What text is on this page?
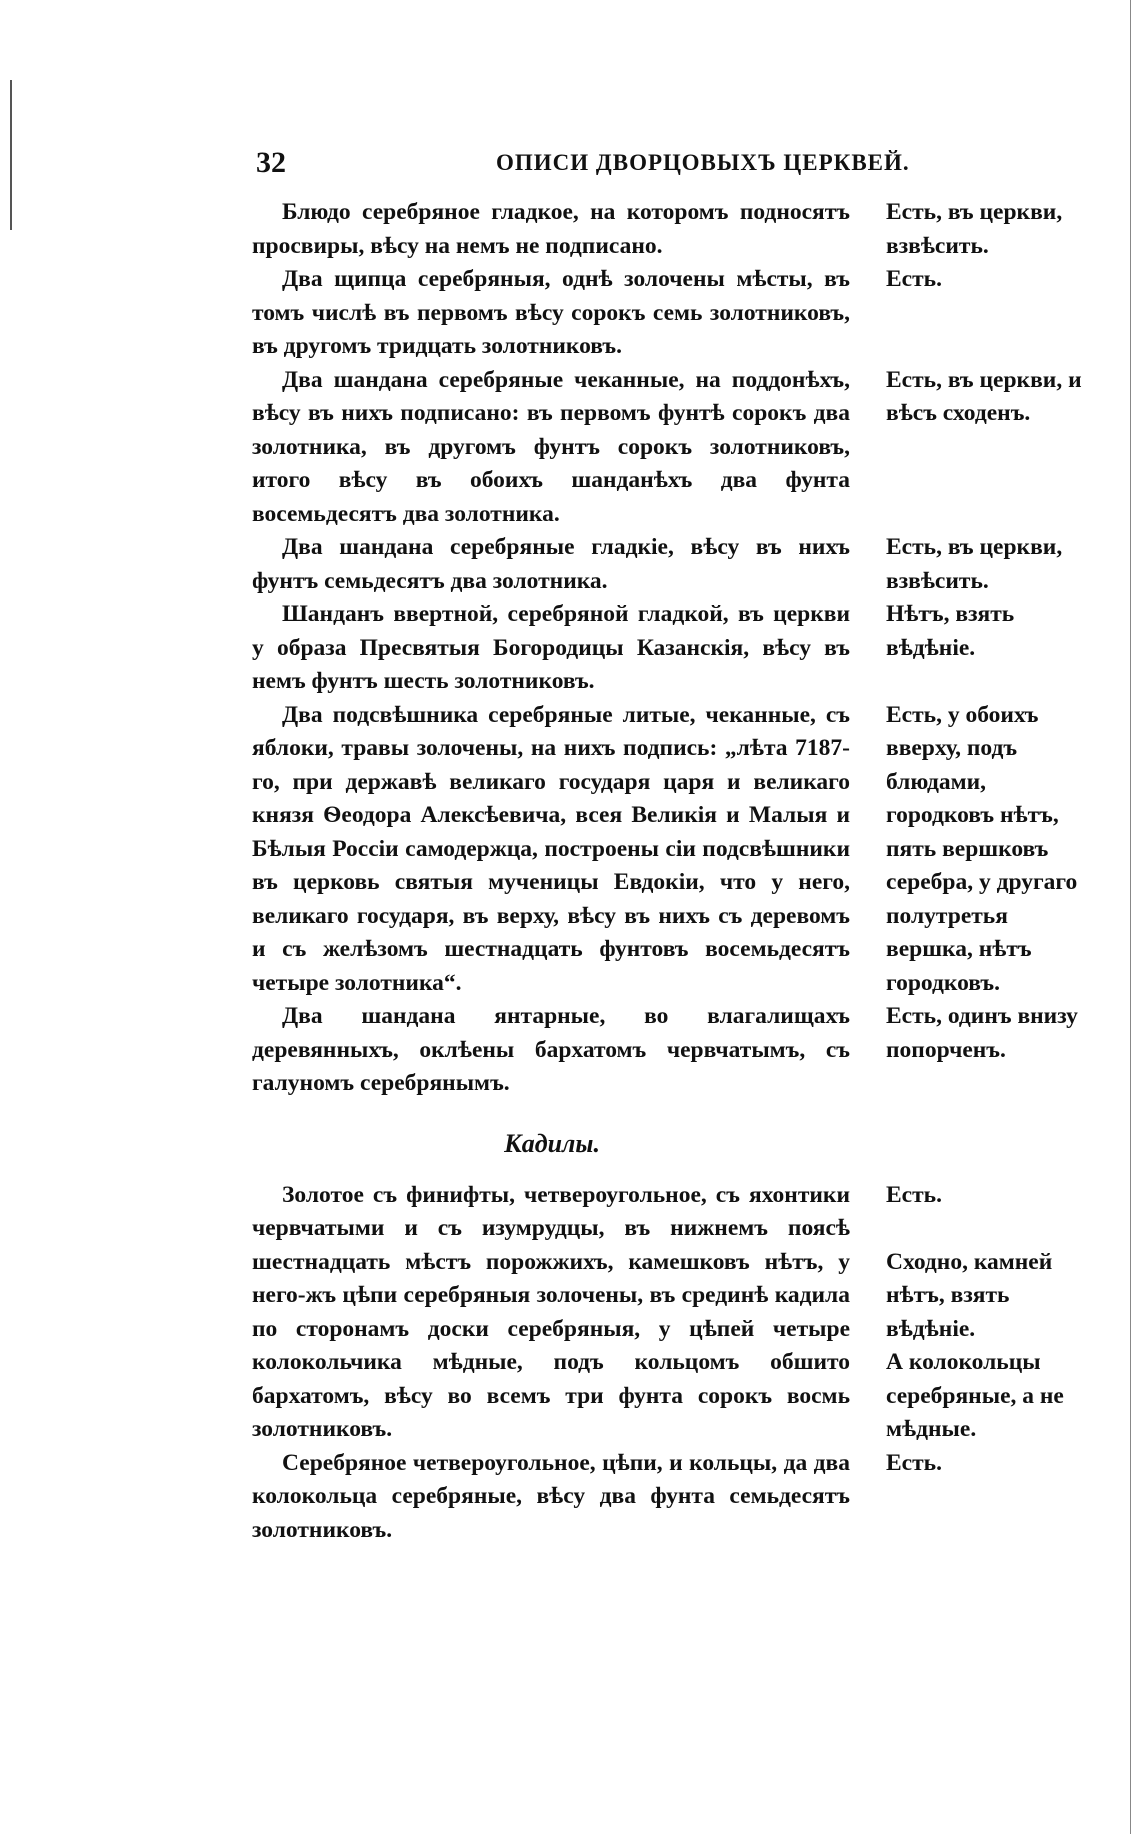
32	ОПИСИ ДВОРЦОВЫХЪ ЦЕРКВЕЙ.
Блюдо серебряное гладкое, на которомъ подносятъ просвиры, вѣсу на немъ не подписано.
Есть, въ церкви, взвѣсить.
Два щипца серебряныя, однѣ золочены мѣсты, въ томъ числѣ въ первомъ вѣсу сорокъ семь золотниковъ, въ другомъ тридцать золотниковъ.
Есть.
Два шандана серебряные чеканные, на поддонѣхъ, вѣсу въ нихъ подписано: въ первомъ фунтѣ сорокъ два золотника, въ другомъ фунтъ сорокъ золотниковъ, итого вѣсу въ обоихъ шанданѣхъ два фунта восемьдесятъ два золотника.
Есть, въ церкви, и вѣсъ сходенъ.
Два шандана серебряные гладкіе, вѣсу въ нихъ фунтъ семьдесятъ два золотника.
Есть, въ церкви, взвѣсить.
Шанданъ ввертной, серебряной гладкой, въ церкви у образа Пресвятыя Богородицы Казанскія, вѣсу въ немъ фунтъ шесть золотниковъ.
Нѣтъ, взять вѣдѣніе.
Два подсвѣшника серебряные литые, чеканные, съ яблоки, травы золочены, на нихъ подпись: „лѣта 7187-го, при державѣ великаго государя царя и великаго князя Ѳеодора Алексѣевича, всея Великія и Малыя и Бѣлыя Россіи самодержца, построены сіи подсвѣшники въ церковь святыя мученицы Евдокіи, что у него, великаго государя, въ верху, вѣсу въ нихъ съ деревомъ и съ желѣзомъ шестнадцать фунтовъ восемьдесятъ четыре золотника“.
Есть, у обоихъ вверху, подъ блюдами, городковъ нѣтъ, пять вершковъ серебра, у другаго полутретья вершка, нѣтъ городковъ.
Два шандана янтарные, во влагалищахъ деревянныхъ, оклѣены бархатомъ червчатымъ, съ галуномъ серебрянымъ.
Есть, одинъ внизу попорченъ.
Кадилы.
Золотое съ финифты, четвероугольное, съ яхонтики червчатыми и съ изумрудцы, въ нижнемъ поясѣ шестнадцать мѣстъ порожжихъ, камешковъ нѣтъ, у него-жъ цѣпи серебряныя золочены, въ срединѣ кадила по сторонамъ доски серебряныя, у цѣпей четыре колокольчика мѣдные, подъ кольцомъ обшито бархатомъ, вѣсу во всемъ три фунта сорокъ восмь золотниковъ.
Есть.
Сходно, камней нѣтъ, взять вѣдѣніе.
А колокольцы серебряные, а не мѣдные.
Серебряное четвероугольное, цѣпи, и кольцы, да два колокольца серебряные, вѣсу два фунта семьдесятъ золотниковъ.
Есть.
